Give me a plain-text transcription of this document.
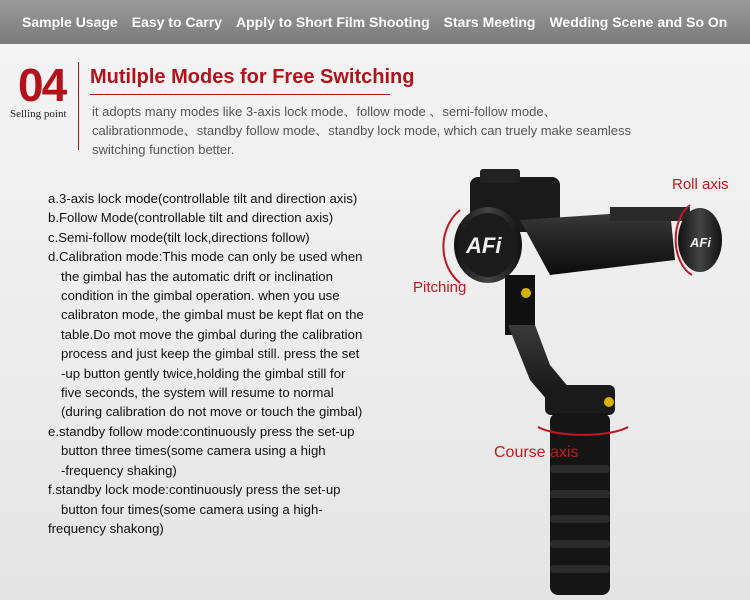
Sample Usage Easy to Carry Apply to Short Film Shooting Stars Meeting Wedding Scene and So On
04
Selling point
Mutilple Modes for Free Switching
it adopts many modes like 3-axis lock mode、follow mode 、semi-follow mode、calibrationmode、standby follow mode、standby lock mode, which can truely make seamless switching function better.
a.3-axis lock mode(controllable tilt and direction axis)
b.Follow Mode(controllable tilt and direction axis)
c.Semi-follow mode(tilt lock,directions follow)
d.Calibration mode:This mode can only be used when
the gimbal has the automatic drift or inclination
condition in the gimbal operation. when you use
calibraton mode, the gimbal must be kept flat on the
table.Do mot move the gimbal during the calibration
process and just keep the gimbal still. press the set
-up button gently twice,holding the gimbal still for
five seconds, the system will resume to normal
(during calibration do not move or touch the gimbal)
e.standby follow mode:continuously press the set-up
button three times(some camera using a high
-frequency shaking)
f.standby lock mode:continuously press the set-up
button four times(some camera using a high-
frequency shakong)
AFi	AFi
Roll axis
Pitching
Course axis
